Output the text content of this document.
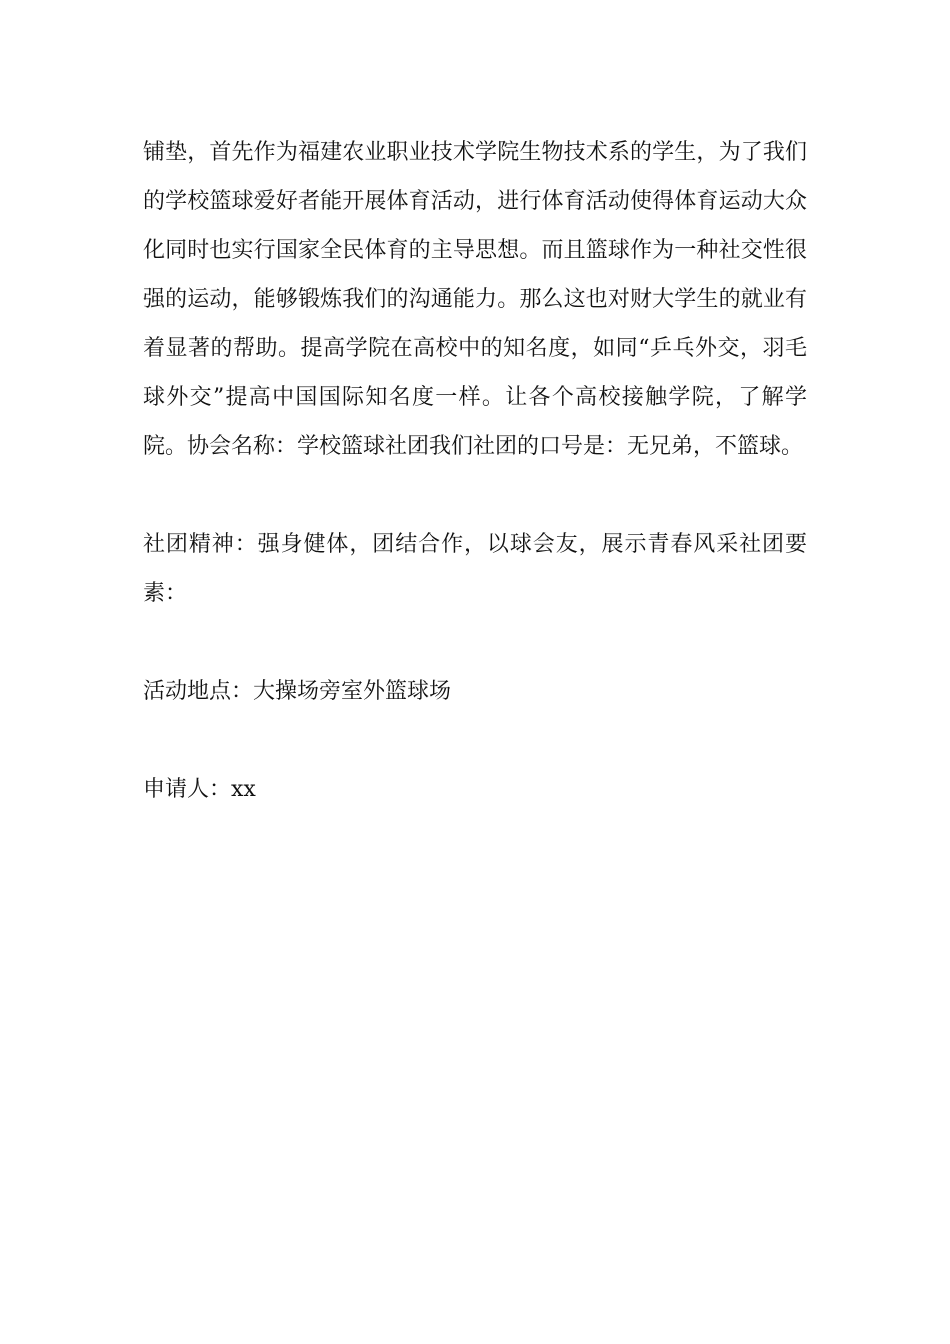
铺垫，首先作为福建农业职业技术学院生物技术系的学生，为了我们的学校篮球爱好者能开展体育活动，进行体育活动使得体育运动大众化同时也实行国家全民体育的主导思想。而且篮球作为一种社交性很强的运动，能够锻炼我们的沟通能力。那么这也对财大学生的就业有着显著的帮助。提高学院在高校中的知名度，如同“乒乓外交，羽毛球外交”提高中国国际知名度一样。让各个高校接触学院，了解学院。协会名称：学校篮球社团我们社团的口号是：无兄弟，不篮球。

社团精神：强身健体，团结合作，以球会友，展示青春风采社团要素：

活动地点：大操场旁室外篮球场

申请人：xx
